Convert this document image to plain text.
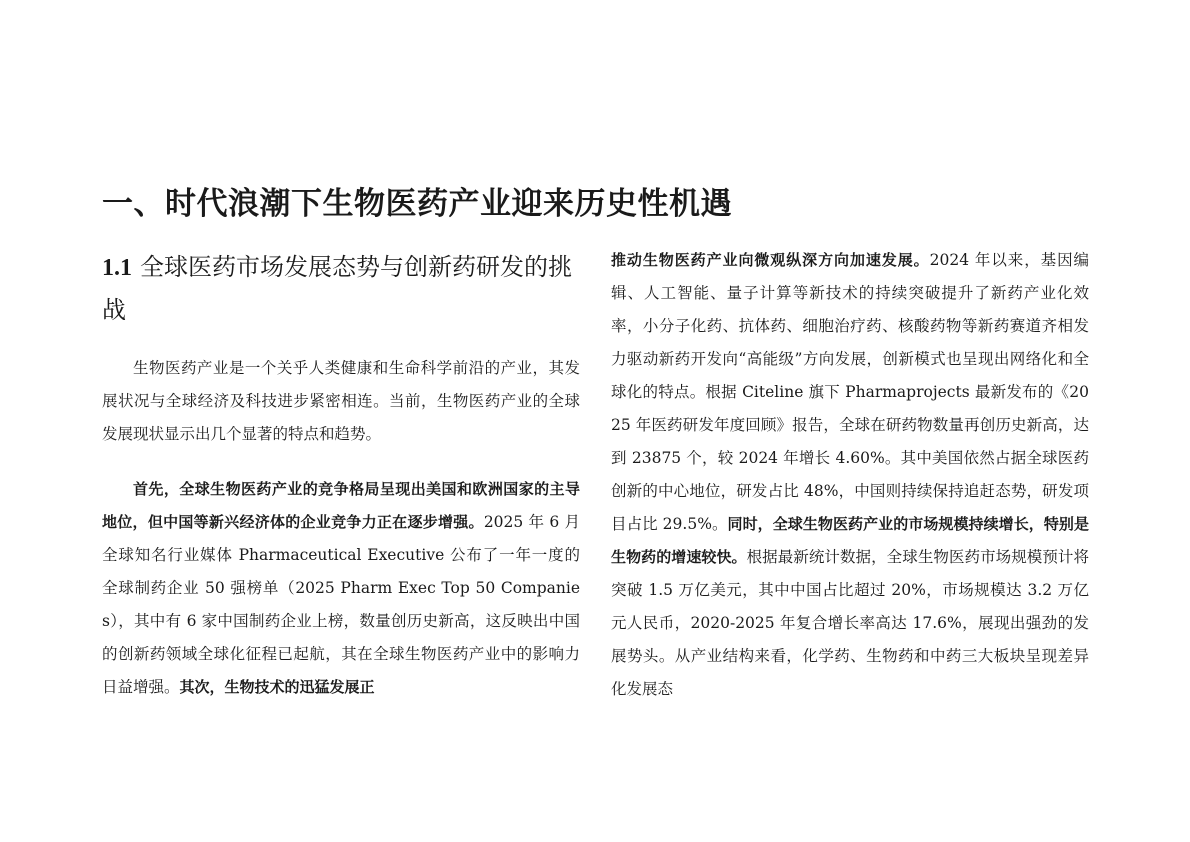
一、时代浪潮下生物医药产业迎来历史性机遇
1.1 全球医药市场发展态势与创新药研发的挑战

生物医药产业是一个关乎人类健康和生命科学前沿的产业，其发展状况与全球经济及科技进步紧密相连。当前，生物医药产业的全球发展现状显示出几个显著的特点和趋势。

首先，全球生物医药产业的竞争格局呈现出美国和欧洲国家的主导地位，但中国等新兴经济体的企业竞争力正在逐步增强。2025 年 6 月全球知名行业媒体 Pharmaceutical Executive 公布了一年一度的全球制药企业 50 强榜单（2025 Pharm Exec Top 50 Companies），其中有 6 家中国制药企业上榜，数量创历史新高，这反映出中国的创新药领域全球化征程已起航，其在全球生物医药产业中的影响力日益增强。其次，生物技术的迅猛发展正

推动生物医药产业向微观纵深方向加速发展。2024 年以来，基因编辑、人工智能、量子计算等新技术的持续突破提升了新药产业化效率，小分子化药、抗体药、细胞治疗药、核酸药物等新药赛道齐相发力驱动新药开发向“高能级”方向发展，创新模式也呈现出网络化和全球化的特点。根据 Citeline 旗下 Pharmaprojects 最新发布的《2025 年医药研发年度回顾》报告，全球在研药物数量再创历史新高，达到 23875 个，较 2024 年增长 4.60%。其中美国依然占据全球医药创新的中心地位，研发占比 48%，中国则持续保持追赶态势，研发项目占比 29.5%。同时，全球生物医药产业的市场规模持续增长，特别是生物药的增速较快。根据最新统计数据，全球生物医药市场规模预计将突破 1.5 万亿美元，其中中国占比超过 20%，市场规模达 3.2 万亿元人民币，2020-2025 年复合增长率高达 17.6%，展现出强劲的发展势头。从产业结构来看，化学药、生物药和中药三大板块呈现差异化发展态
